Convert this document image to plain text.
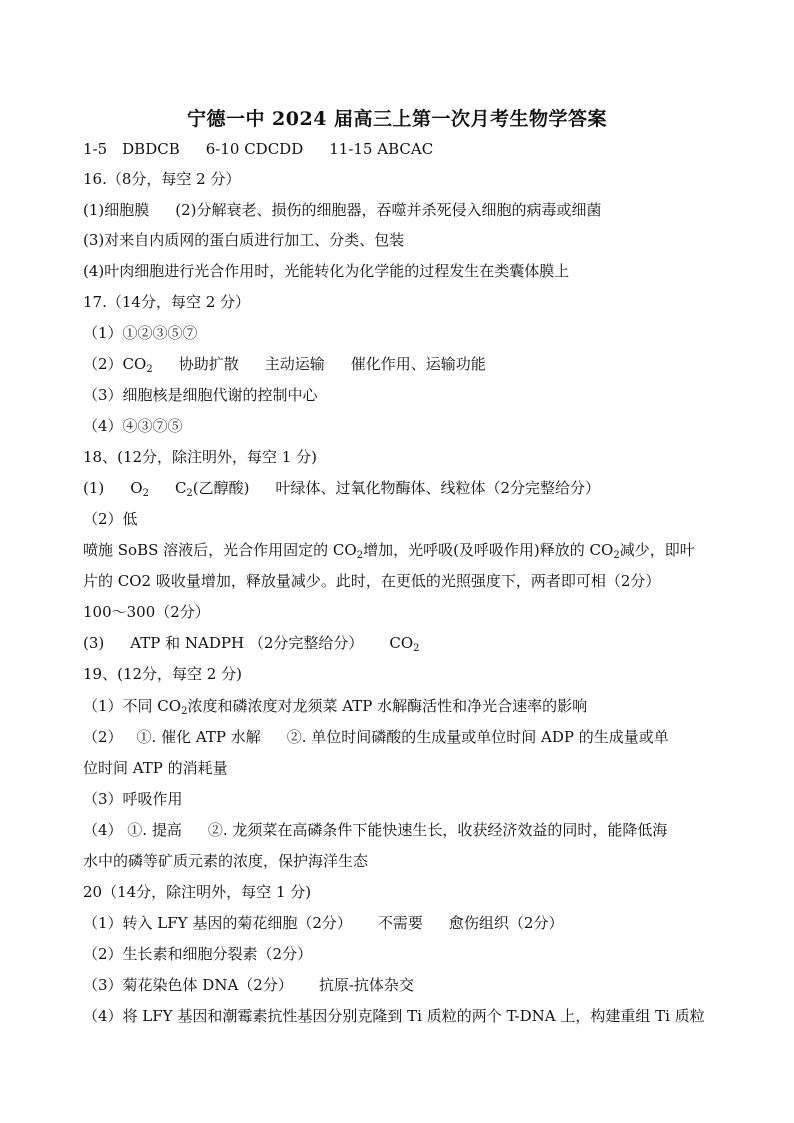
宁德一中 2024 届高三上第一次月考生物学答案
1-5　DBDCB 6-10 CDCDD 11-15 ABCAC
16.（8分，每空 2 分）
(1)细胞膜 (2)分解衰老、损伤的细胞器，吞噬并杀死侵入细胞的病毒或细菌
(3)对来自内质网的蛋白质进行加工、分类、包装
(4)叶肉细胞进行光合作用时，光能转化为化学能的过程发生在类囊体膜上
17.（14分，每空 2 分）
（1）①②③⑤⑦
$(2)CO_2$ 协助扩散 主动运输 催化作用、运输功能
（3）细胞核是细胞代谢的控制中心
（4）④③⑦⑤
18、(12分，除注明外，每空 1 分)
(1) $O_2$ $C_2$(乙醇酸) 叶绿体、过氧化物酶体、线粒体（2分完整给分）
（2）低
喷施 SoBS 溶液后，光合作用固定的 $CO_2$增加，光呼吸(及呼吸作用)释放的 $CO_2$减少，即叶
片的 CO2 吸收量增加，释放量减少。此时，在更低的光照强度下，两者即可相（2分）
100～300（2分）
(3) ATP 和 NADPH （2分完整给分） $CO_2$
19、(12分，每空 2 分)
（1）不同 $CO_2$浓度和磷浓度对龙须菜 ATP 水解酶活性和净光合速率的影响
（2） ①. 催化 ATP 水解 ②. 单位时间磷酸的生成量或单位时间 ADP 的生成量或单
位时间 ATP 的消耗量
（3）呼吸作用
（4） ①. 提高 ②. 龙须菜在高磷条件下能快速生长，收获经济效益的同时，能降低海
水中的磷等矿质元素的浓度，保护海洋生态
20（14分，除注明外，每空 1 分)
（1）转入 LFY 基因的菊花细胞（2分） 不需要 愈伤组织（2分）
（2）生长素和细胞分裂素（2分）
（3）菊花染色体 DNA（2分） 抗原-抗体杂交
（4）将 LFY 基因和潮霉素抗性基因分别克隆到 Ti 质粒的两个 T-DNA 上，构建重组 Ti 质粒
